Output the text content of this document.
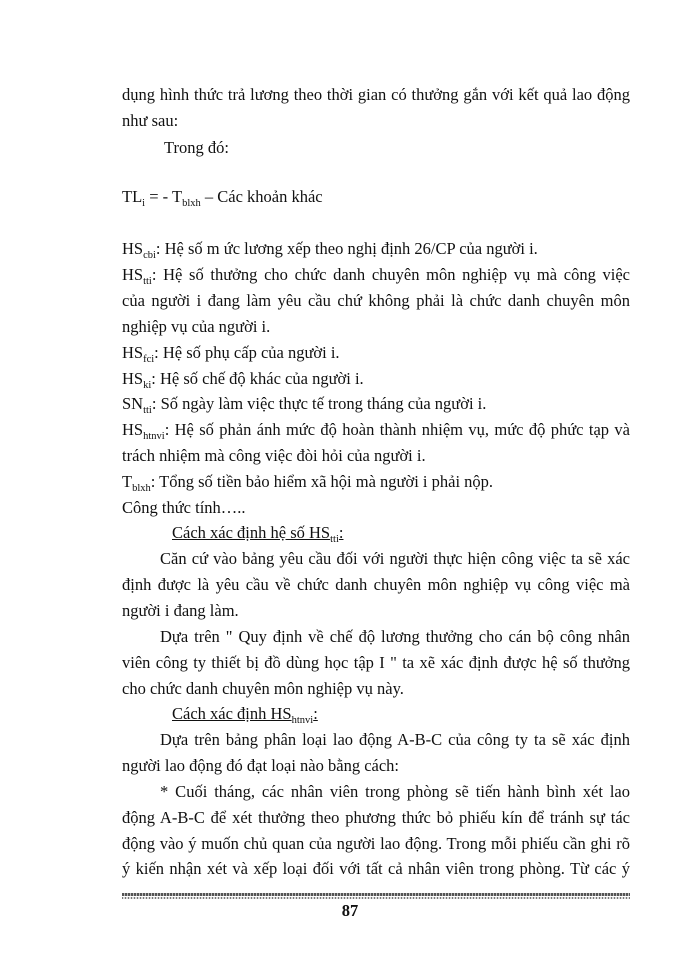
dụng hình thức trả lương theo thời gian có thưởng gắn với kết quả lao động
như sau:
Trong đó:
$TL_i$ = - $T_{blxh}$ – Các khoản khác
$HS_{cbi}$: Hệ số m ức lương xếp theo nghị định 26/CP của người i.
$HS_{tti}$: Hệ số thưởng cho chức danh chuyên môn nghiệp vụ mà công việc
của người i đang làm yêu cầu chứ không phải là chức danh chuyên môn
nghiệp vụ của người i.
$HS_{fci}$: Hệ số phụ cấp của người i.
$HS_{ki}$: Hệ số chế độ khác của người i.
$SN_{tti}$: Số ngày làm việc thực tế trong tháng của người i.
$HS_{htnvi}$: Hệ số phản ánh mức độ hoàn thành nhiệm vụ, mức độ phức tạp và
trách nhiệm mà công việc đòi hỏi của người i.
$T_{blxh}$: Tổng số tiền bảo hiểm xã hội mà người i phải nộp.
Công thức tính…..
Cách xác định hệ số $HS_{tti}$:
Căn cứ vào bảng yêu cầu đối với người thực hiện công việc ta sẽ xác
định được là yêu cầu về chức danh chuyên môn nghiệp vụ công việc mà
người i đang làm.
Dựa trên " Quy định về chế độ lương thưởng cho cán bộ công nhân
viên công ty thiết bị đồ dùng học tập I " ta xẽ xác định được hệ số thưởng
cho chức danh chuyên môn nghiệp vụ này.
Cách xác định $HS_{htnvi}$:
Dựa trên bảng phân loại lao động A-B-C của công ty ta sẽ xác định
người lao động đó đạt loại nào bằng cách:
* Cuối tháng, các nhân viên trong phòng sẽ tiến hành bình xét lao
động A-B-C để xét thưởng theo phương thức bỏ phiếu kín để tránh sự tác
động vào ý muốn chủ quan của người lao động. Trong mỗi phiếu cần ghi rõ
ý kiến nhận xét và xếp loại đối với tất cả nhân viên trong phòng. Từ các ý
87
